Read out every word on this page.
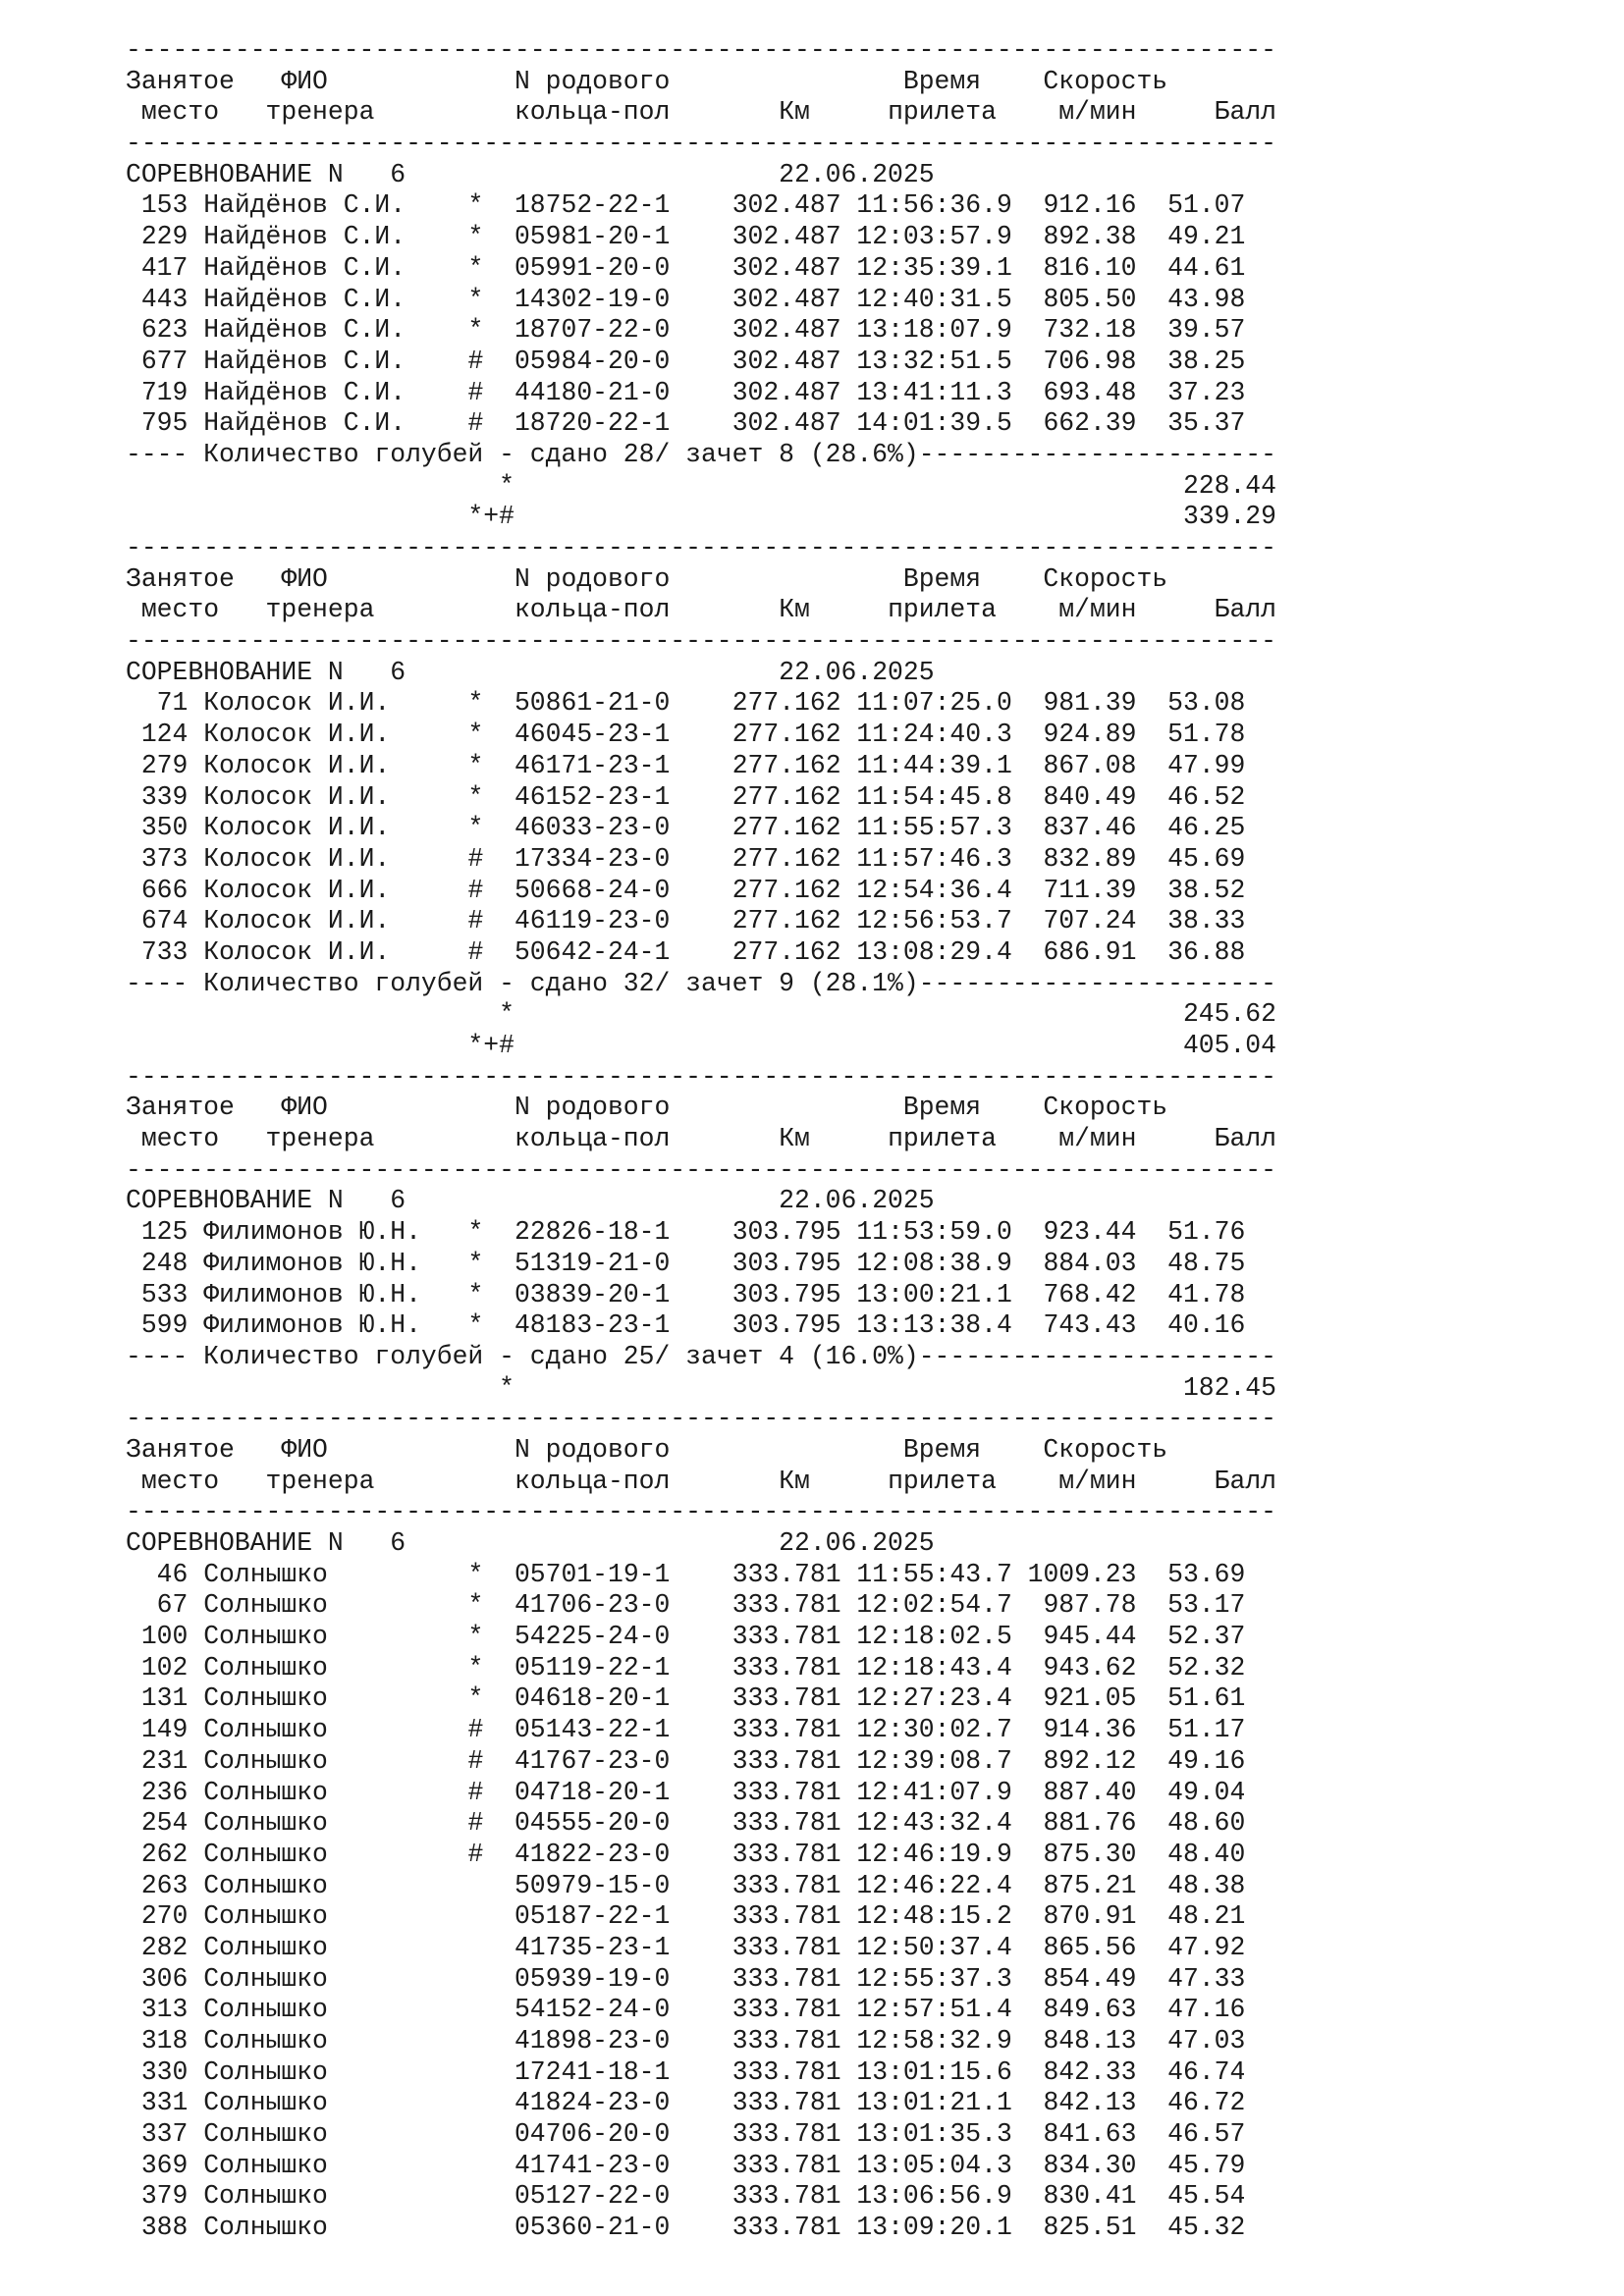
--------------------------------------------------------------------------
Занятое ФИО	N родового	Время Скорость
место тренера	кольца-пол	Км	прилета м/мин	Балл
--------------------------------------------------------------------------
СОРЕВНОВАНИЕ N 6	22.06.2025
153 Найдёнов С.И.    *  18752-22-1 302.487 11:56:36.9  912.16  51.07
229 Найдёнов С.И.    *  05981-20-1 302.487 12:03:57.9  892.38  49.21
417 Найдёнов С.И.    *  05991-20-0 302.487 12:35:39.1  816.10  44.61
443 Найдёнов С.И.    *  14302-19-0 302.487 12:40:31.5  805.50  43.98
623 Найдёнов С.И.    *  18707-22-0 302.487 13:18:07.9  732.18  39.57
677 Найдёнов С.И.    #  05984-20-0 302.487 13:32:51.5  706.98  38.25
719 Найдёнов С.И.    #  44180-21-0 302.487 13:41:11.3  693.48  37.23
795 Найдёнов С.И.    #  18720-22-1 302.487 14:01:39.5  662.39  35.37
---- Количество голубей - сдано 28/ зачет 8 (28.6%)-----------------------
*	228.44
*+#	339.29
--------------------------------------------------------------------------
Занятое ФИО	N родового	Время Скорость
место тренера	кольца-пол	Км	прилета м/мин	Балл
--------------------------------------------------------------------------
СОРЕВНОВАНИЕ N 6	22.06.2025
71 Колосок И.И.     *  50861-21-0 277.162 11:07:25.0  981.39  53.08
124 Колосок И.И.     *  46045-23-1 277.162 11:24:40.3  924.89  51.78
279 Колосок И.И.     *  46171-23-1 277.162 11:44:39.1  867.08  47.99
339 Колосок И.И.     *  46152-23-1 277.162 11:54:45.8  840.49  46.52
350 Колосок И.И.     *  46033-23-0 277.162 11:55:57.3  837.46  46.25
373 Колосок И.И.     #  17334-23-0 277.162 11:57:46.3  832.89  45.69
666 Колосок И.И.     #  50668-24-0 277.162 12:54:36.4  711.39  38.52
674 Колосок И.И.     #  46119-23-0 277.162 12:56:53.7  707.24  38.33
733 Колосок И.И.     #  50642-24-1 277.162 13:08:29.4  686.91  36.88
---- Количество голубей - сдано 32/ зачет 9 (28.1%)-----------------------
*	245.62
*+#	405.04
--------------------------------------------------------------------------
Занятое ФИО	N родового	Время Скорость
место тренера	кольца-пол	Км	прилета м/мин	Балл
--------------------------------------------------------------------------
СОРЕВНОВАНИЕ N 6	22.06.2025
125 Филимонов Ю.Н.   *  22826-18-1 303.795 11:53:59.0  923.44  51.76
248 Филимонов Ю.Н.   *  51319-21-0 303.795 12:08:38.9  884.03  48.75
533 Филимонов Ю.Н.   *  03839-20-1 303.795 13:00:21.1  768.42  41.78
599 Филимонов Ю.Н.   *  48183-23-1 303.795 13:13:38.4  743.43  40.16
---- Количество голубей - сдано 25/ зачет 4 (16.0%)-----------------------
*	182.45
--------------------------------------------------------------------------
Занятое ФИО	N родового	Время Скорость
место тренера	кольца-пол	Км	прилета м/мин	Балл
--------------------------------------------------------------------------
СОРЕВНОВАНИЕ N 6	22.06.2025
46 Солнышко         *  05701-19-1 333.781 11:55:43.7 1009.23  53.69
67 Солнышко         *  41706-23-0 333.781 12:02:54.7  987.78  53.17
100 Солнышко         *  54225-24-0 333.781 12:18:02.5  945.44  52.37
102 Солнышко         *  05119-22-1 333.781 12:18:43.4  943.62  52.32
131 Солнышко         *  04618-20-1 333.781 12:27:23.4  921.05  51.61
149 Солнышко         #  05143-22-1 333.781 12:30:02.7  914.36  51.17
231 Солнышко         #  41767-23-0 333.781 12:39:08.7  892.12  49.16
236 Солнышко         #  04718-20-1 333.781 12:41:07.9  887.40  49.04
254 Солнышко         #  04555-20-0 333.781 12:43:32.4  881.76  48.60
262 Солнышко         #  41822-23-0 333.781 12:46:19.9  875.30  48.40
263 Солнышко            50979-15-0 333.781 12:46:22.4  875.21  48.38
270 Солнышко            05187-22-1 333.781 12:48:15.2  870.91  48.21
282 Солнышко            41735-23-1 333.781 12:50:37.4  865.56  47.92
306 Солнышко            05939-19-0 333.781 12:55:37.3  854.49  47.33
313 Солнышко            54152-24-0 333.781 12:57:51.4  849.63  47.16
318 Солнышко            41898-23-0 333.781 12:58:32.9  848.13  47.03
330 Солнышко            17241-18-1 333.781 13:01:15.6  842.33  46.74
331 Солнышко            41824-23-0 333.781 13:01:21.1  842.13  46.72
337 Солнышко            04706-20-0 333.781 13:01:35.3  841.63  46.57
369 Солнышко            41741-23-0 333.781 13:05:04.3  834.30  45.79
379 Солнышко            05127-22-0 333.781 13:06:56.9  830.41  45.54
388 Солнышко            05360-21-0 333.781 13:09:20.1  825.51  45.32
